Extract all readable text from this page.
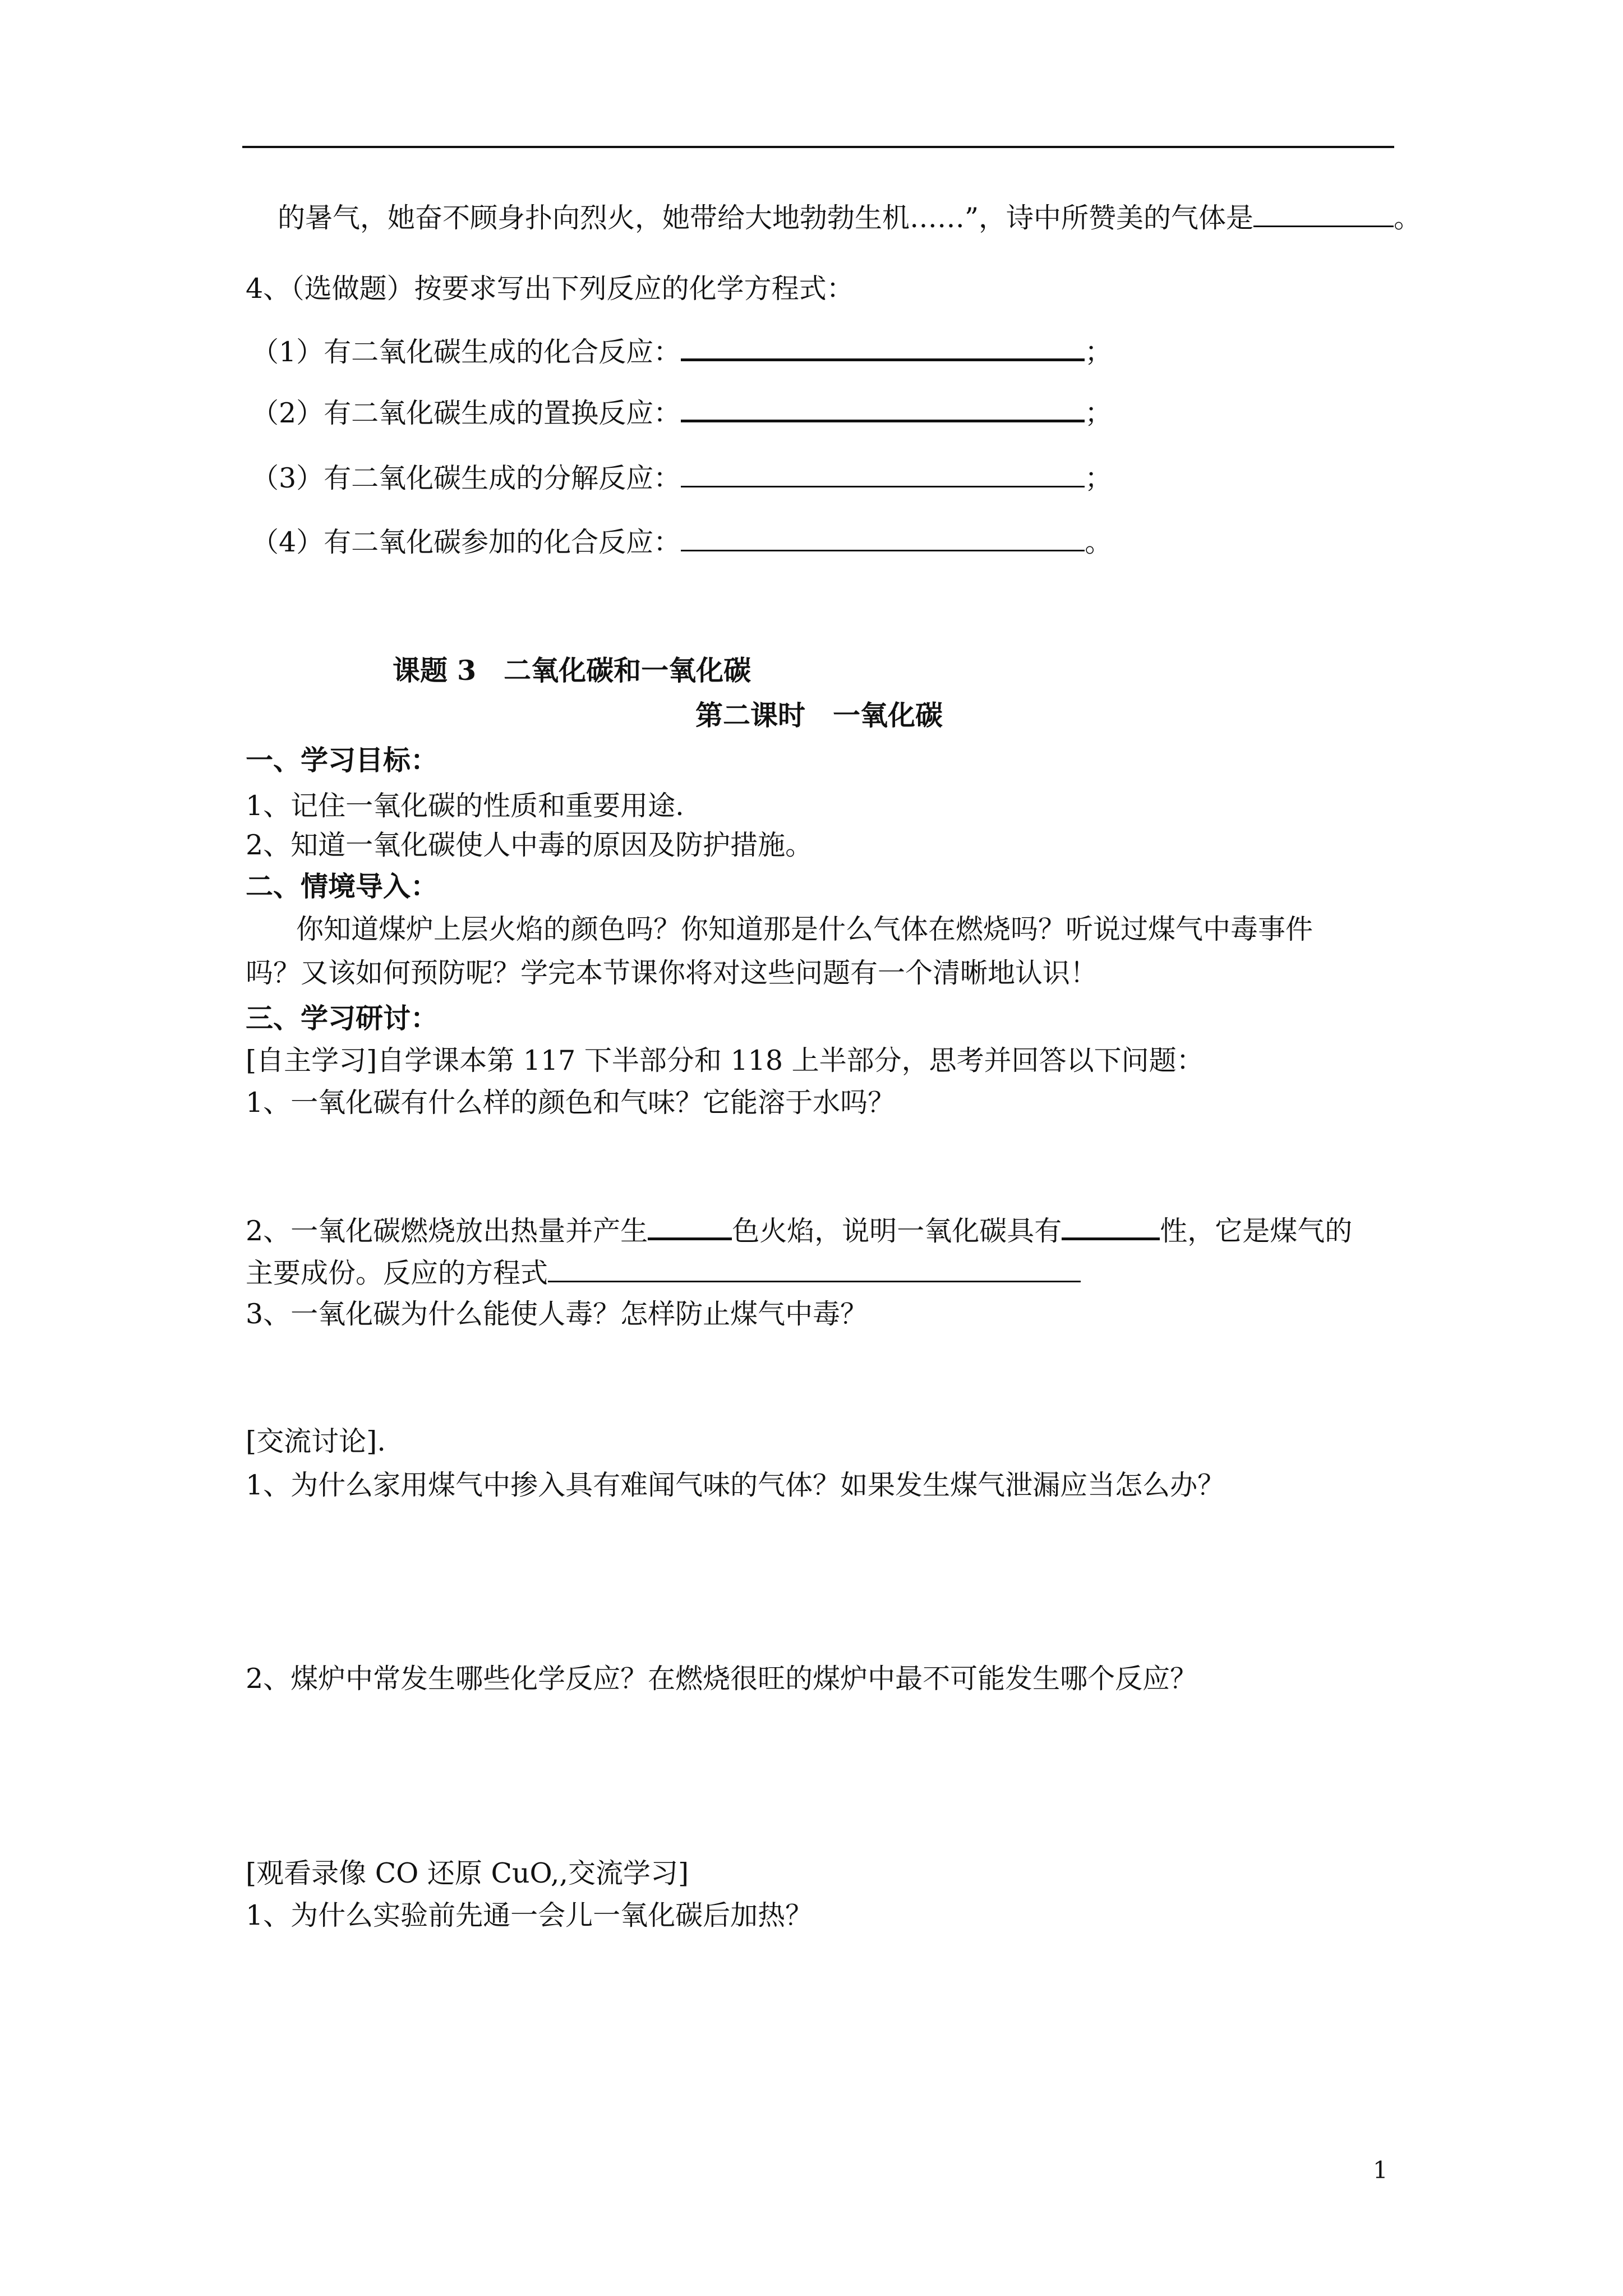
的暑气，她奋不顾身扑向烈火，她带给大地勃勃生机……”，诗中所赞美的气体是	。
4、（选做题）按要求写出下列反应的化学方程式：
（1）有二氧化碳生成的化合反应：	；
（2）有二氧化碳生成的置换反应：	；
（3）有二氧化碳生成的分解反应：	；
（4）有二氧化碳参加的化合反应：	。
课题 3　二氧化碳和一氧化碳
第二课时　一氧化碳
一、学习目标：
1、记住一氧化碳的性质和重要用途.
2、知道一氧化碳使人中毒的原因及防护措施。
二、情境导入：
你知道煤炉上层火焰的颜色吗？你知道那是什么气体在燃烧吗？听说过煤气中毒事件
吗？又该如何预防呢？学完本节课你将对这些问题有一个清晰地认识！
三、学习研讨：
[自主学习]自学课本第 117 下半部分和 118 上半部分，思考并回答以下问题：
1、一氧化碳有什么样的颜色和气味？它能溶于水吗？
2、一氧化碳燃烧放出热量并产生	色火焰，说明一氧化碳具有	性，它是煤气的
主要成份。反应的方程式
3、一氧化碳为什么能使人毒？怎样防止煤气中毒？
[交流讨论].
1、为什么家用煤气中掺入具有难闻气味的气体？如果发生煤气泄漏应当怎么办？
2、煤炉中常发生哪些化学反应？在燃烧很旺的煤炉中最不可能发生哪个反应？
[观看录像 CO 还原 CuO,,交流学习]
1、为什么实验前先通一会儿一氧化碳后加热？
1
